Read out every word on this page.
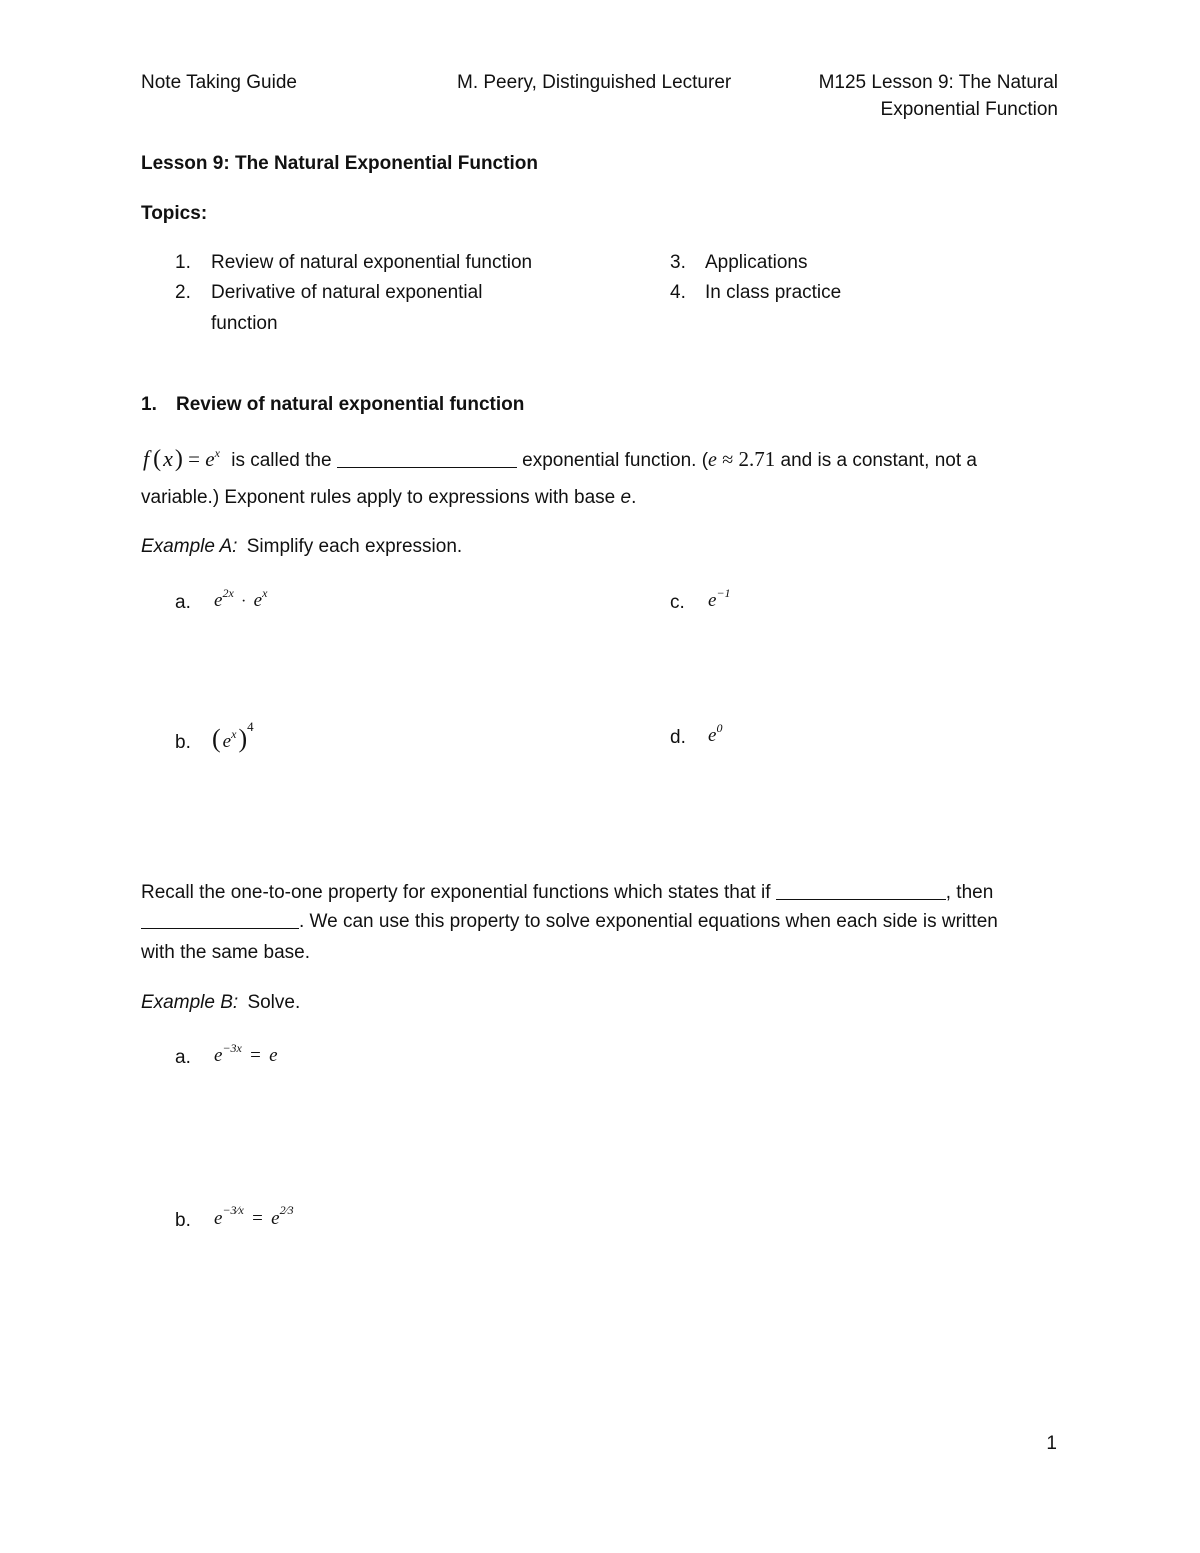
Note Taking Guide	M. Peery, Distinguished Lecturer	M125 Lesson 9: The Natural
Exponential Function
Lesson 9: The Natural Exponential Function
Topics:
1. Review of natural exponential function
2. Derivative of natural exponential
function
3. Applications
4. In class practice
1. Review of natural exponential function
f $(x) = e^x$ is called the	exponential function. (e ≈ 2.71 and is a constant, not a
variable.) Exponent rules apply to expressions with base e.
Example A: Simplify each expression.
a. $e^{2x} \cdot e^x$	c. $e^{-1}$
b. ( $e^x)^4$
d. $e^0$
Recall the one-to-one property for exponential functions which states that if	, then
. We can use this property to solve exponential equations when each side is written
with the same base.
Example B: Solve.
a. $e^{-3x} = e$
b. $e^{-3⁄x} = e^{2⁄3}$
1
